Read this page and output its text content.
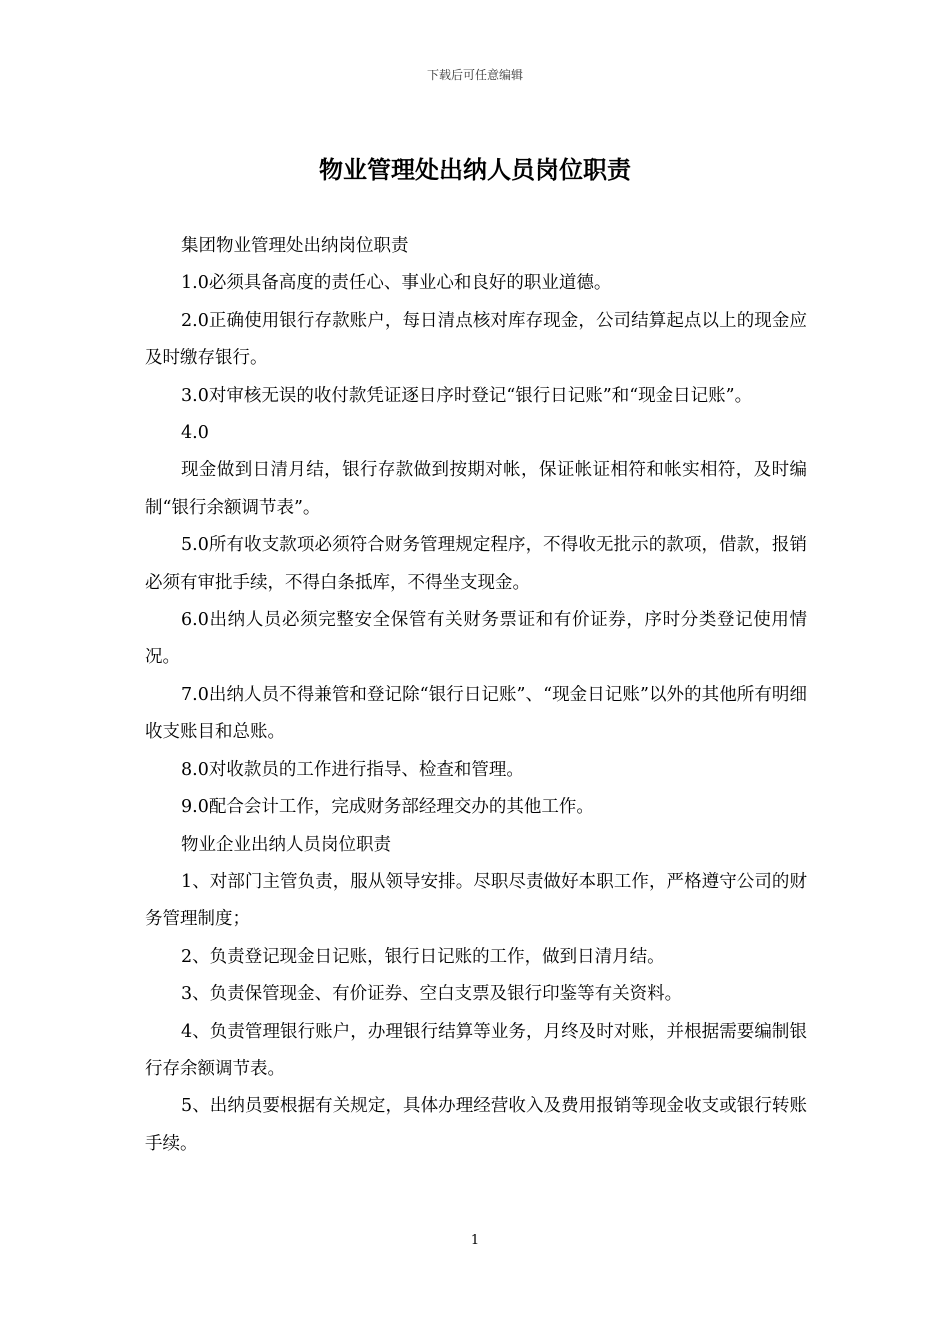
下载后可任意编辑
物业管理处出纳人员岗位职责

集团物业管理处出纳岗位职责

1.0必须具备高度的责任心、事业心和良好的职业道德。

2.0正确使用银行存款账户，每日清点核对库存现金，公司结算起点以上的现金应及时缴存银行。

3.0对审核无误的收付款凭证逐日序时登记“银行日记账”和“现金日记账”。

4.0

现金做到日清月结，银行存款做到按期对帐，保证帐证相符和帐实相符，及时编制“银行余额调节表”。

5.0所有收支款项必须符合财务管理规定程序，不得收无批示的款项，借款，报销必须有审批手续，不得白条抵库，不得坐支现金。

6.0出纳人员必须完整安全保管有关财务票证和有价证券，序时分类登记使用情况。

7.0出纳人员不得兼管和登记除“银行日记账”、“现金日记账”以外的其他所有明细收支账目和总账。

8.0对收款员的工作进行指导、检查和管理。

9.0配合会计工作，完成财务部经理交办的其他工作。

物业企业出纳人员岗位职责

1、对部门主管负责，服从领导安排。尽职尽责做好本职工作，严格遵守公司的财务管理制度；

2、负责登记现金日记账，银行日记账的工作，做到日清月结。

3、负责保管现金、有价证券、空白支票及银行印鉴等有关资料。

4、负责管理银行账户，办理银行结算等业务，月终及时对账，并根据需要编制银行存余额调节表。

5、出纳员要根据有关规定，具体办理经营收入及费用报销等现金收支或银行转账手续。

1
